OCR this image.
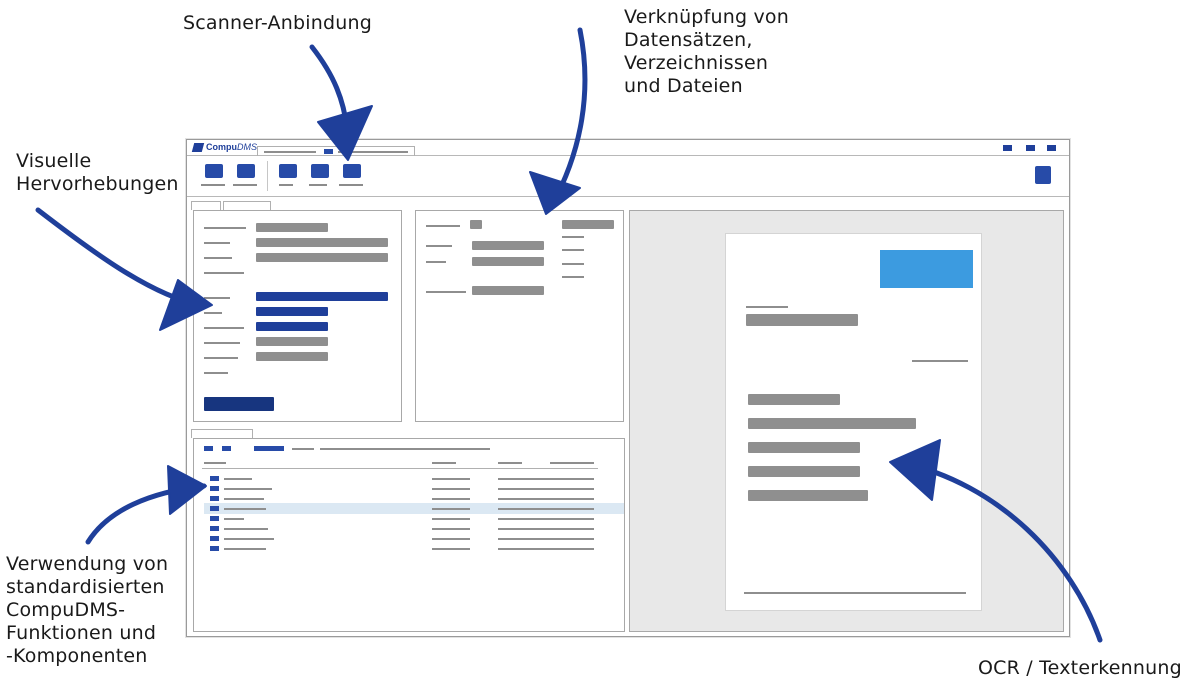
Scanner-Anbindung	Verknüpfung von
Datensätzen,
Verzeichnissen
und Dateien
Visuelle
Hervorhebungen
Verwendung von
standardisierten
CompuDMS-
Funktionen und
-Komponenten
OCR / Texterkennung
CompuDMS
